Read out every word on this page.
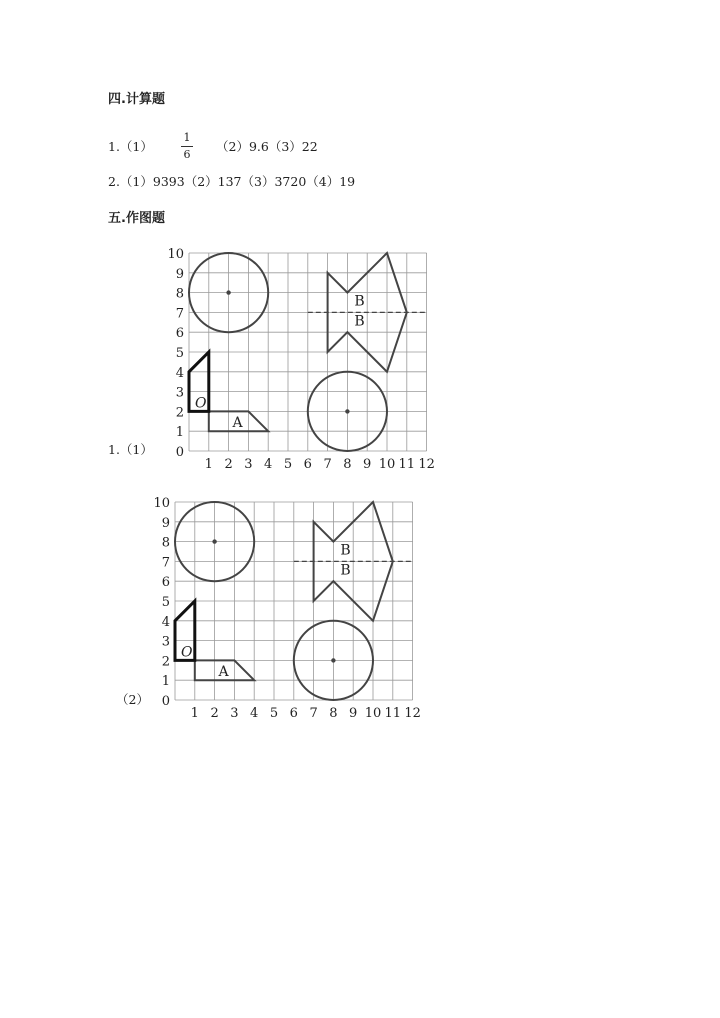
四.计算题
1.（1）
1
6
（2）9.6（3）22
2.（1）9393（2）137（3）3720（4）19
五.作图题
1.（1） 0
1
1
2
2
3
3
4
4
5
5
6
6
7
7
8
8
9
9
10
10
11 12
O
A
B
B
0
1
1
2
2
3
3
4
4
5
5
6
6
7
7
8
8
9
9
10
10
11 12
O
A
B
B
（2）
